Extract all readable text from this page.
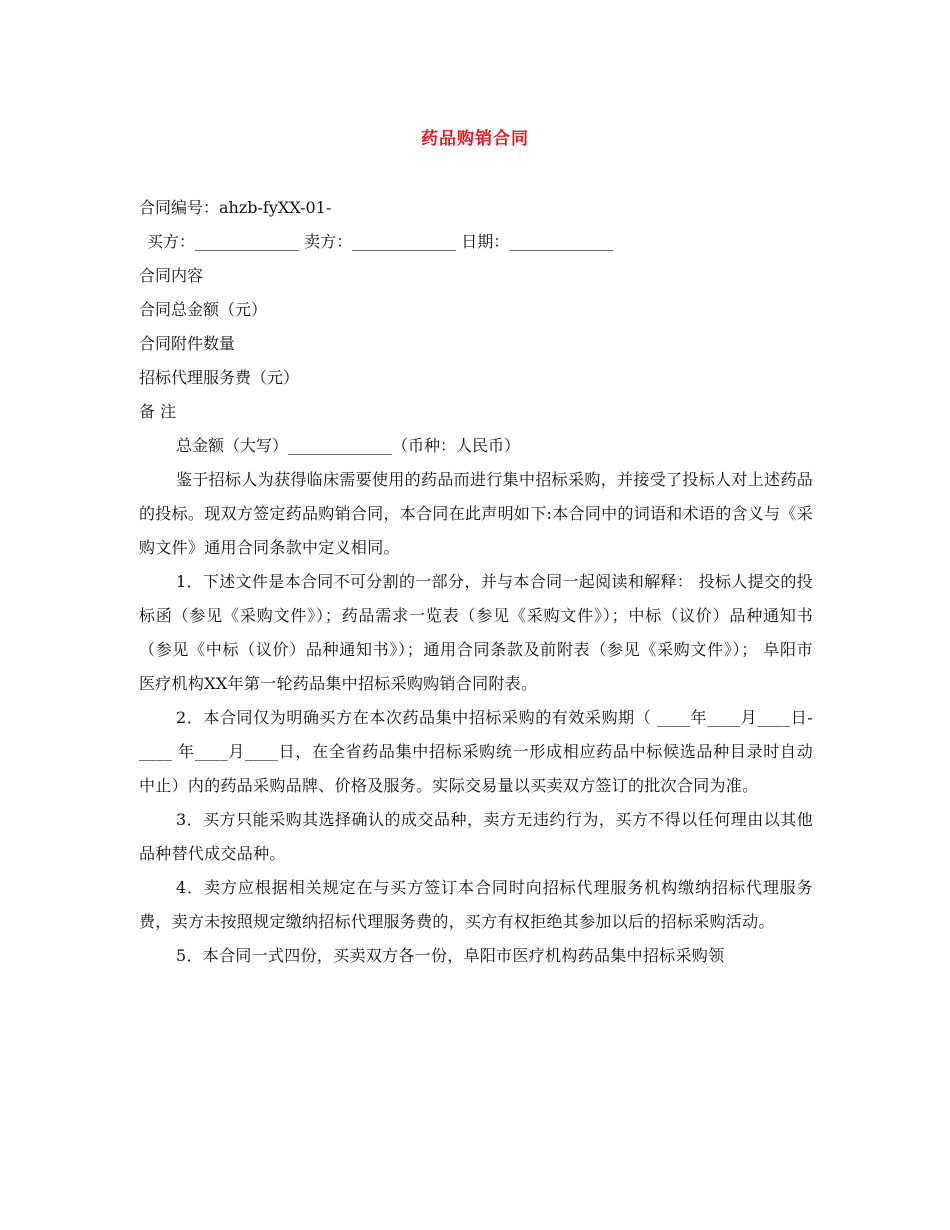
药品购销合同
合同编号：ahzb-fyXX-01-
买方：_____________ 卖方：_____________ 日期：_____________
合同内容
合同总金额（元）
合同附件数量
招标代理服务费（元）
备 注
总金额（大写）_____________（币种：人民币）

鉴于招标人为获得临床需要使用的药品而进行集中招标采购，并接受了投标人对上述药品的投标。现双方签定药品购销合同，本合同在此声明如下:本合同中的词语和术语的含义与《采购文件》通用合同条款中定义相同。

1．下述文件是本合同不可分割的一部分，并与本合同一起阅读和解释： 投标人提交的投标函（参见《采购文件》）；药品需求一览表（参见《采购文件》）；中标（议价）品种通知书（参见《中标（议价）品种通知书》）；通用合同条款及前附表（参见《采购文件》）； 阜阳市医疗机构XX年第一轮药品集中招标采购购销合同附表。

2．本合同仅为明确买方在本次药品集中招标采购的有效采购期（ ____年____月____日-____ 年____月____日，在全省药品集中招标采购统一形成相应药品中标候选品种目录时自动中止）内的药品采购品牌、价格及服务。实际交易量以买卖双方签订的批次合同为准。

3．买方只能采购其选择确认的成交品种，卖方无违约行为，买方不得以任何理由以其他品种替代成交品种。

4．卖方应根据相关规定在与买方签订本合同时向招标代理服务机构缴纳招标代理服务费，卖方未按照规定缴纳招标代理服务费的，买方有权拒绝其参加以后的招标采购活动。

5．本合同一式四份，买卖双方各一份，阜阳市医疗机构药品集中招标采购领
